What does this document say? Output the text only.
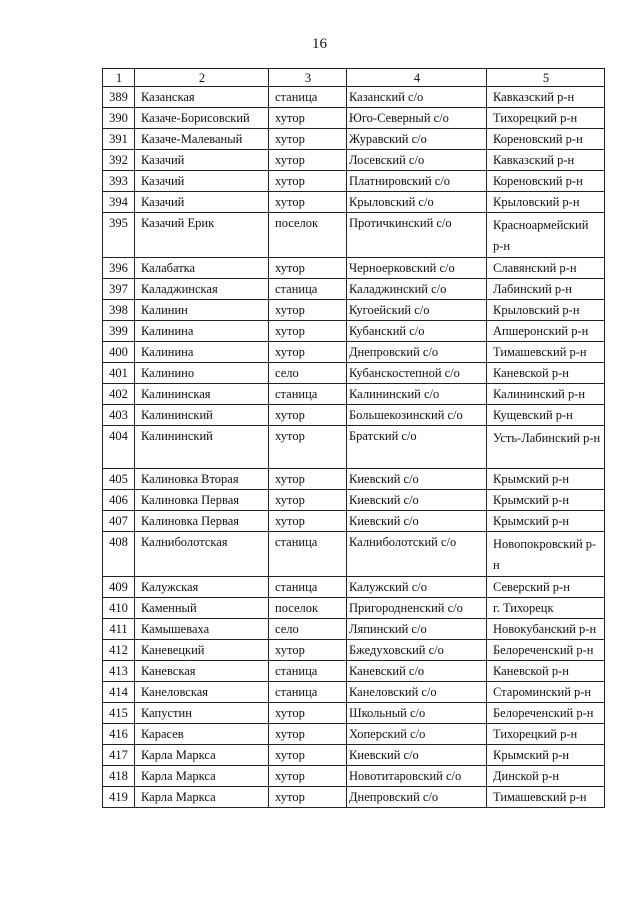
16
1	2	3	4	5
389	Казанская	станица	Казанский с/о	Кавказский р-н
390	Казаче-Борисовский	хутор	Юго-Северный с/о	Тихорецкий р-н
391	Казаче-Малеваный	хутор	Журавский с/о	Кореновский р-н
392	Казачий	хутор	Лосевский с/о	Кавказский р-н
393	Казачий	хутор	Платнировский с/о	Кореновский р-н
394	Казачий	хутор	Крыловский с/о	Крыловский р-н
395	Казачий Ерик	поселок	Протичкинский с/о	Красноармейский р-н
396	Калабатка	хутор	Черноерковский с/о	Славянский р-н
397	Каладжинская	станица	Каладжинский с/о	Лабинский р-н
398	Калинин	хутор	Кугоейский с/о	Крыловский р-н
399	Калинина	хутор	Кубанский с/о	Апшеронский р-н
400	Калинина	хутор	Днепровский с/о	Тимашевский р-н
401	Калинино	село	Кубанскостепной с/о	Каневской р-н
402	Калининская	станица	Калининский с/о	Калининский р-н
403	Калининский	хутор	Большекозинский с/о	Кущевский р-н
404	Калининский	хутор	Братский с/о	Усть-Лабинский р-н
405	Калиновка Вторая	хутор	Киевский с/о	Крымский р-н
406	Калиновка Первая	хутор	Киевский с/о	Крымский р-н
407	Калиновка Первая	хутор	Киевский с/о	Крымский р-н
408	Калниболотская	станица	Калниболотский с/о	Новопокровский р-н
409	Калужская	станица	Калужский с/о	Северский р-н
410	Каменный	поселок	Пригородненский с/о	г. Тихорецк
411	Камышеваха	село	Ляпинский с/о	Новокубанский р-н
412	Каневецкий	хутор	Бжедуховский с/о	Белореченский р-н
413	Каневская	станица	Каневский с/о	Каневской р-н
414	Канеловская	станица	Канеловский с/о	Староминский р-н
415	Капустин	хутор	Школьный с/о	Белореченский р-н
416	Карасев	хутор	Хоперский с/о	Тихорецкий р-н
417	Карла Маркса	хутор	Киевский с/о	Крымский р-н
418	Карла Маркса	хутор	Новотитаровский с/о	Динской р-н
419	Карла Маркса	хутор	Днепровский с/о	Тимашевский р-н
